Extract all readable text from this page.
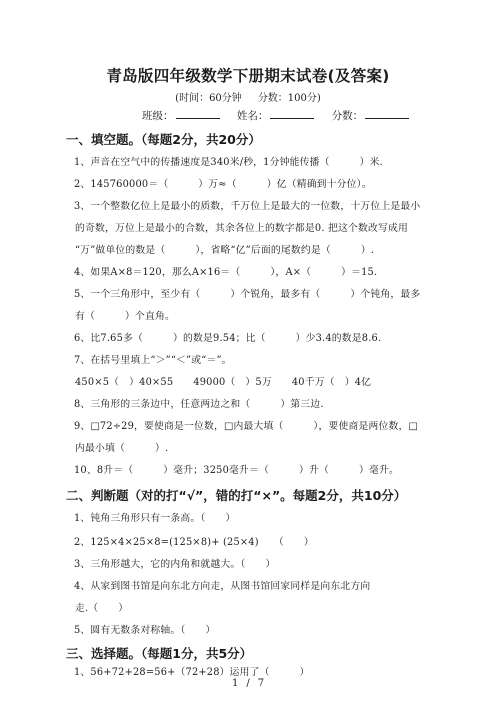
青岛版四年级数学下册期末试卷(及答案)
(时间：60分钟 分数：100分)
班级：	姓名：	分数：
一、填空题。（每题2分，共20分）
1、声音在空气中的传播速度是340米/秒，1分钟能传播（　　　）米.
2、145760000＝（　　　）万≈（　　　）亿（精确到十分位）。
3、一个整数亿位上是最小的质数，千万位上是最大的一位数，十万位上是最小
的奇数，万位上是最小的合数，其余各位上的数字都是0. 把这个数改写成用
“万”做单位的数是（　　　），省略“亿”后面的尾数约是（　　　）.
4、如果A×8＝120，那么A×16＝（　　　），A×（　　　）＝15.
5、一个三角形中，至少有（　　　）个锐角，最多有（　　　）个钝角，最多
有（　　　）个直角。
6、比7.65多（　　　）的数是9.54；比（　　　）少3.4的数是8.6.
7、在括号里填上“＞”“＜”或“＝”。
450×5（　）40×55　　49000（　）5万　　40千万（　）4亿
8、三角形的三条边中，任意两边之和（　　　）第三边.
9、□72÷29，要使商是一位数，□内最大填（　　　），要使商是两位数，□
内最小填（　　　）.
10、8升＝（　　　）毫升；3250毫升＝（　　　）升（　　　）毫升。
二、判断题（对的打“√”，错的打“×”。每题2分，共10分）
1、钝角三角形只有一条高。（　　）
2、125×4×25×8=(125×8)+ (25×4)　　（　　）
3、三角形越大，它的内角和就越大。（　　）
4、从家到图书馆是向东北方向走，从图书馆回家同样是向东北方向
走.（　　）
5、圆有无数条对称轴。（　　）
三、选择题。（每题1分，共5分）
1、56+72+28=56+（72+28）运用了（　　　）
1 / 7
